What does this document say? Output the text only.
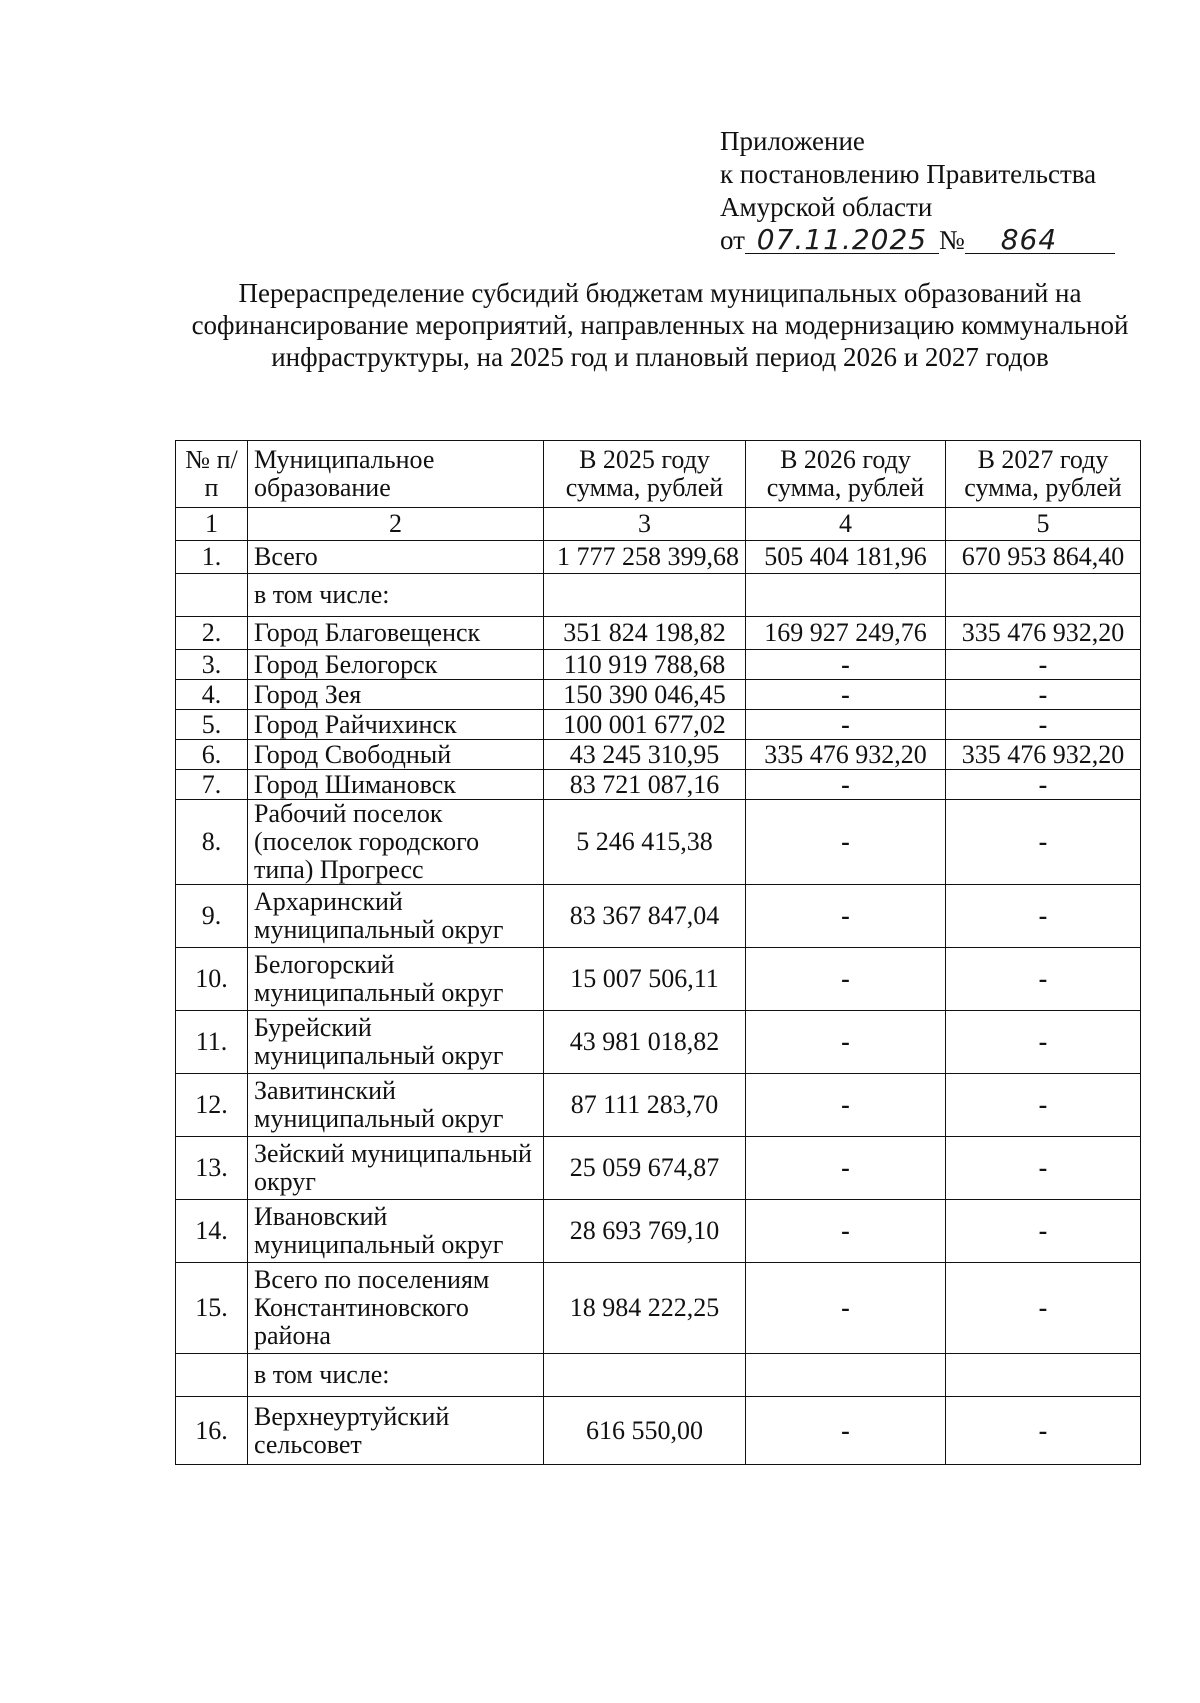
Приложение
к постановлению Правительства
Амурской области
от 07.11.2025 №	864
Перераспределение субсидий бюджетам муниципальных образований на софинансирование мероприятий, направленных на модернизацию коммунальной инфраструктуры, на 2025 год и плановый период 2026 и 2027 годов
№ п/п	Муниципальное образование	В 2025 году сумма, рублей	В 2026 году сумма, рублей	В 2027 году сумма, рублей
1	2	3	4	5
1.	Всего	1 777 258 399,68	505 404 181,96	670 953 864,40
	в том числе:			
2.	Город Благовещенск	351 824 198,82	169 927 249,76	335 476 932,20
3.	Город Белогорск	110 919 788,68	-	-
4.	Город Зея	150 390 046,45	-	-
5.	Город Райчихинск	100 001 677,02	-	-
6.	Город Свободный	43 245 310,95	335 476 932,20	335 476 932,20
7.	Город Шимановск	83 721 087,16	-	-
8.	Рабочий поселок (поселок городского типа) Прогресс	5 246 415,38	-	-
9.	Архаринский муниципальный округ	83 367 847,04	-	-
10.	Белогорский муниципальный округ	15 007 506,11	-	-
11.	Бурейский муниципальный округ	43 981 018,82	-	-
12.	Завитинский муниципальный округ	87 111 283,70	-	-
13.	Зейский муниципальный округ	25 059 674,87	-	-
14.	Ивановский муниципальный округ	28 693 769,10	-	-
15.	Всего по поселениям Константиновского района	18 984 222,25	-	-
	в том числе:			
16.	Верхнеуртуйский сельсовет	616 550,00	-	-
